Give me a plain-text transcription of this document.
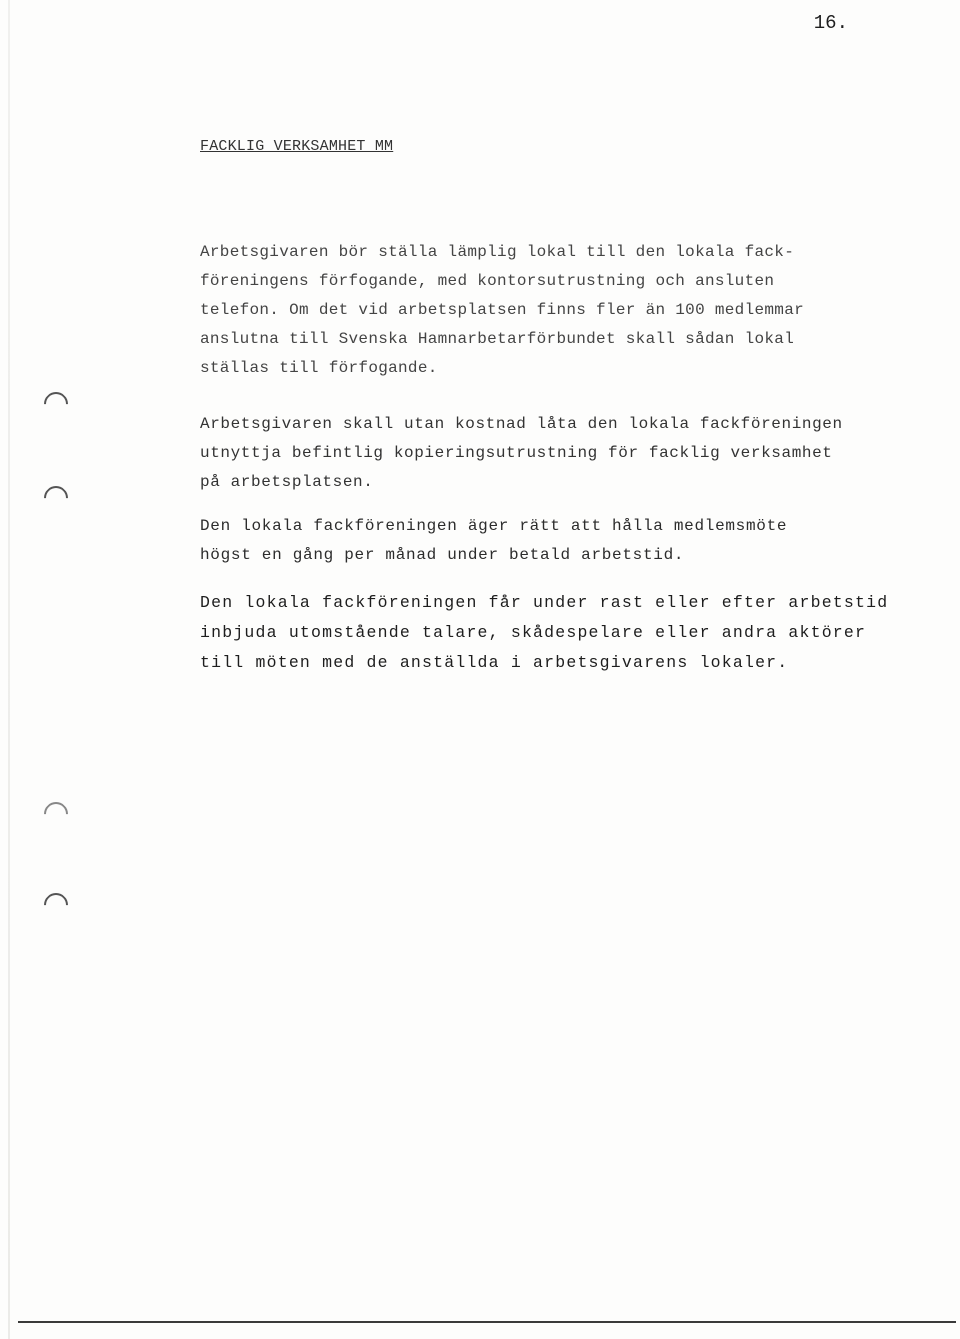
16.
FACKLIG VERKSAMHET MM

Arbetsgivaren bör ställa lämplig lokal till den lokala fack-

föreningens förfogande, med kontorsutrustning och ansluten

telefon. Om det vid arbetsplatsen finns fler än 100 medlemmar

anslutna till Svenska Hamnarbetarförbundet skall sådan lokal

ställas till förfogande.

Arbetsgivaren skall utan kostnad låta den lokala fackföreningen

utnyttja befintlig kopieringsutrustning för facklig verksamhet

på arbetsplatsen.

Den lokala fackföreningen äger rätt att hålla medlemsmöte

högst en gång per månad under betald arbetstid.

Den lokala fackföreningen får under rast eller efter arbetstid

inbjuda utomstående talare, skådespelare eller andra aktörer

till möten med de anställda i arbetsgivarens lokaler.
